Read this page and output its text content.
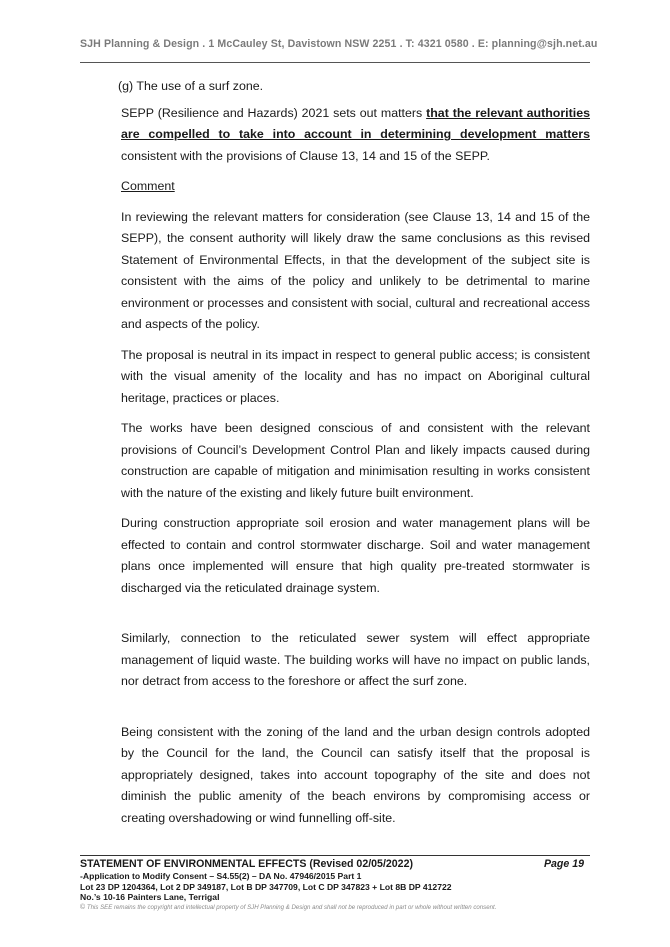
SJH Planning & Design . 1 McCauley St, Davistown NSW 2251 . T: 4321 0580 . E: planning@sjh.net.au

(g) The use of a surf zone.

SEPP (Resilience and Hazards) 2021 sets out matters that the relevant authorities are compelled to take into account in determining development matters consistent with the provisions of Clause 13, 14 and 15 of the SEPP.

Comment

In reviewing the relevant matters for consideration (see Clause 13, 14 and 15 of the SEPP), the consent authority will likely draw the same conclusions as this revised Statement of Environmental Effects, in that the development of the subject site is consistent with the aims of the policy and unlikely to be detrimental to marine environment or processes and consistent with social, cultural and recreational access and aspects of the policy.

The proposal is neutral in its impact in respect to general public access; is consistent with the visual amenity of the locality and has no impact on Aboriginal cultural heritage, practices or places.

The works have been designed conscious of and consistent with the relevant provisions of Council’s Development Control Plan and likely impacts caused during construction are capable of mitigation and minimisation resulting in works consistent with the nature of the existing and likely future built environment.

During construction appropriate soil erosion and water management plans will be effected to contain and control stormwater discharge. Soil and water management plans once implemented will ensure that high quality pre-treated stormwater is discharged via the reticulated drainage system.

Similarly, connection to the reticulated sewer system will effect appropriate management of liquid waste. The building works will have no impact on public lands, nor detract from access to the foreshore or affect the surf zone.

Being consistent with the zoning of the land and the urban design controls adopted by the Council for the land, the Council can satisfy itself that the proposal is appropriately designed, takes into account topography of the site and does not diminish the public amenity of the beach environs by compromising access or creating overshadowing or wind funnelling off-site.

STATEMENT OF ENVIRONMENTAL EFFECTS (Revised 02/05/2022)	Page 19
-Application to Modify Consent – S4.55(2) – DA No. 47946/2015 Part 1
Lot 23 DP 1204364, Lot 2 DP 349187, Lot B DP 347709, Lot C DP 347823 + Lot 8B DP 412722
No.’s 10-16 Painters Lane, Terrigal
© This SEE remains the copyright and intellectual property of SJH Planning & Design and shall not be reproduced in part or whole without written consent.
